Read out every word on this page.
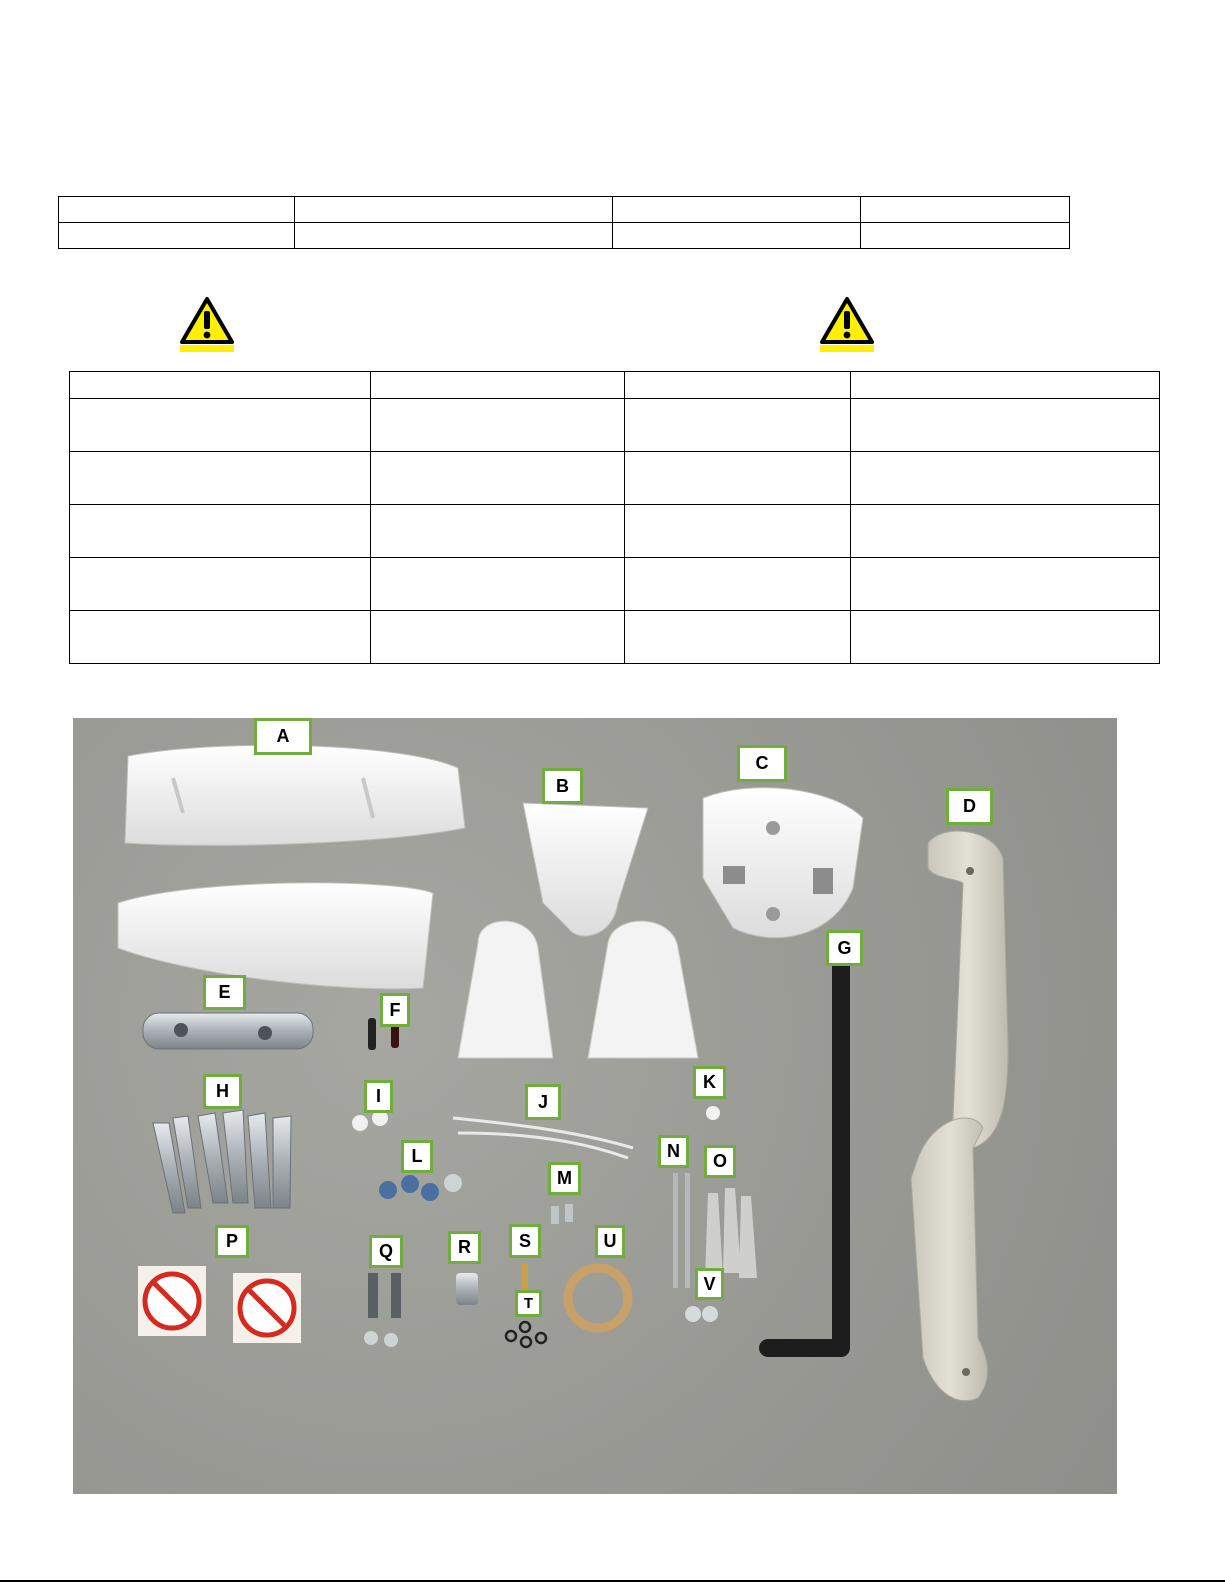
A
B
C
D
E
F
G
H	I	J
K
L
M
N	O
P	Q	R	S
T
U
V
